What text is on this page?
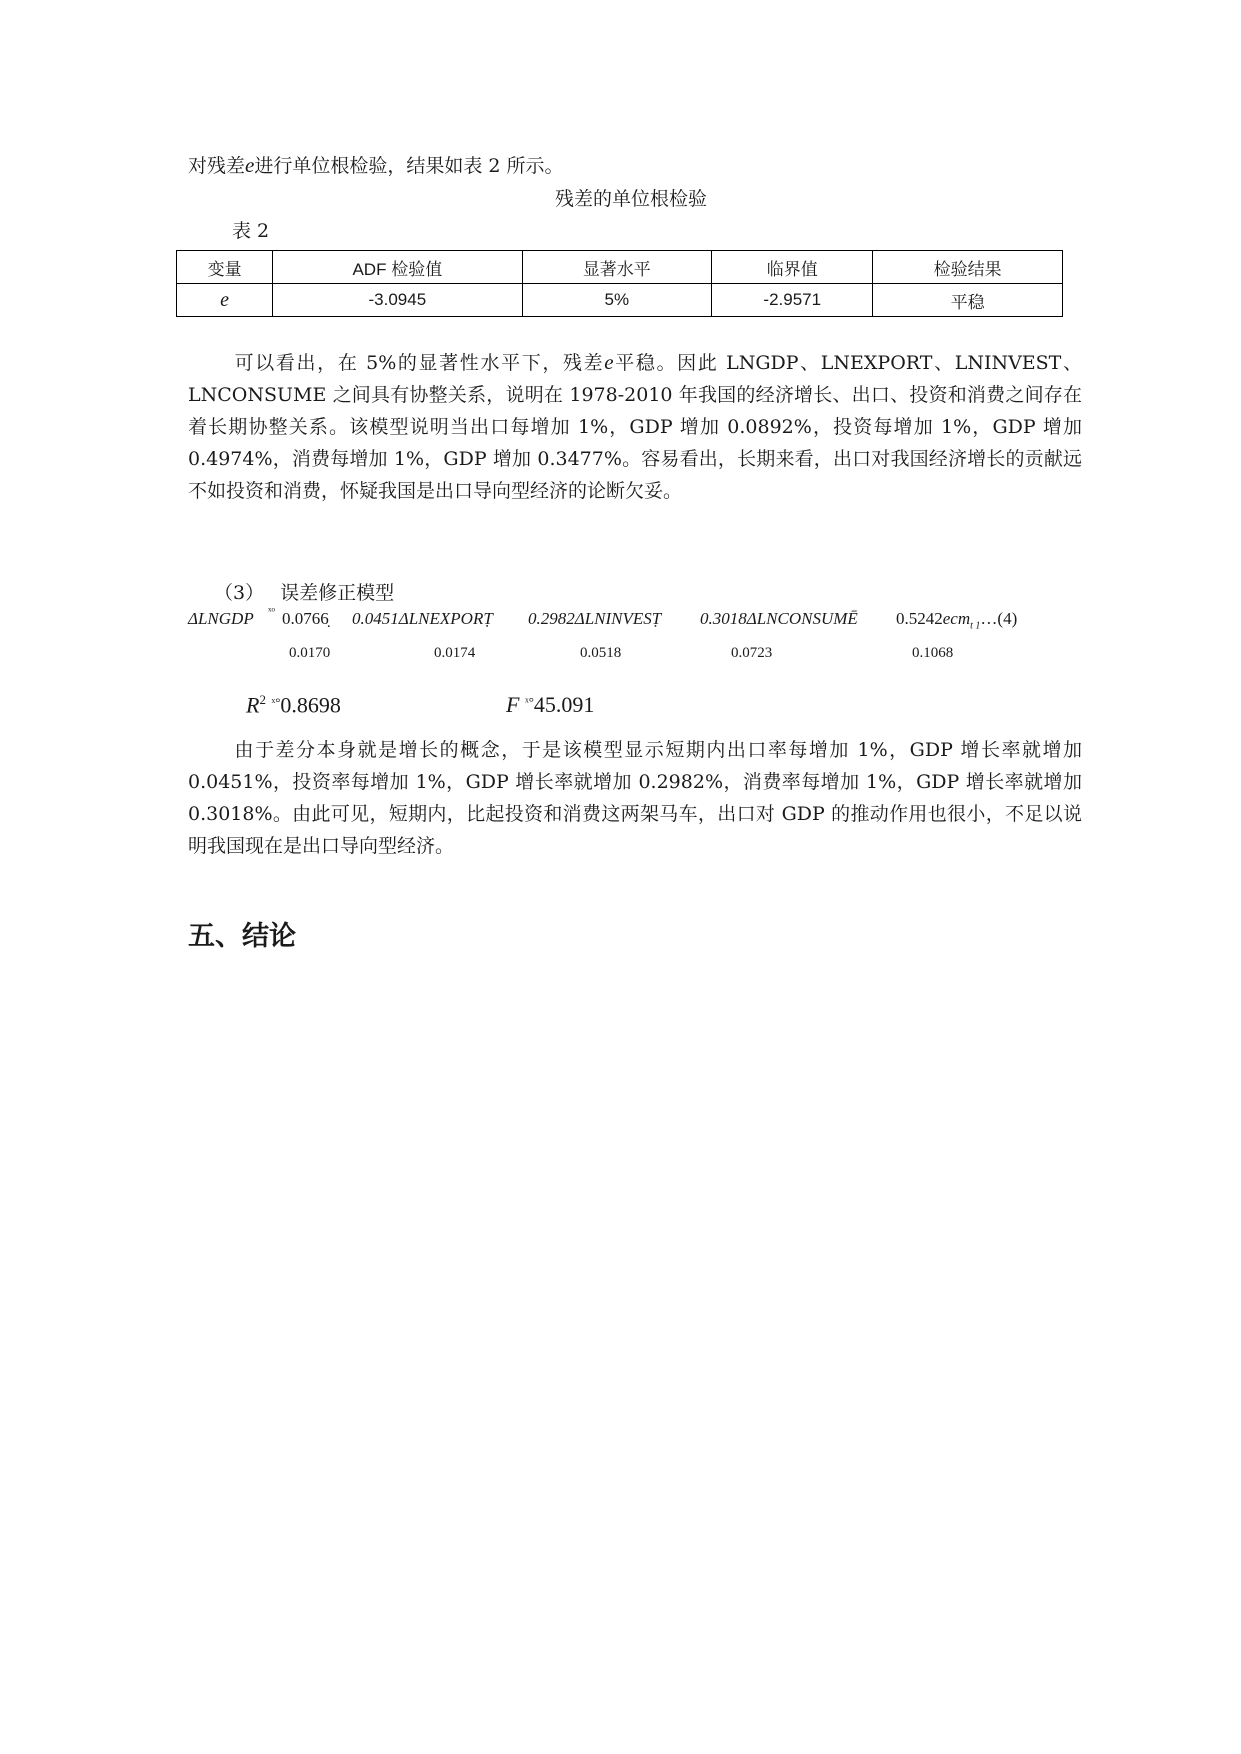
对残差e进行单位根检验，结果如表 2 所示。
残差的单位根检验
表 2
变量	ADF 检验值	显著水平	临界值	检验结果
e	-3.0945	5%	-2.9571	平稳
可以看出，在 5%的显著性水平下，残差e平稳。因此 LNGDP、LNEXPORT、LNINVEST、LNCONSUME 之间具有协整关系，说明在 1978-2010 年我国的经济增长、出口、投资和消费之间存在着长期协整关系。该模型说明当出口每增加 1%，GDP 增加 0.0892%，投资每增加 1%，GDP 增加 0.4974%，消费每增加 1%，GDP 增加 0.3477%。容易看出，长期来看，出口对我国经济增长的贡献远不如投资和消费，怀疑我国是出口导向型经济的论断欠妥。
（3） 误差修正模型
ΔLNGDP ˣᵒ 0.0766̣ 0.0451ΔLNEXPORṬ 0.2982ΔLNINVESṬ 0.3018ΔLNCONSUMĒ 0.5242ecm$_{t 1}$…(4)
0.0170	0.0174	0.0518	0.0723	0.1068
$R^2$ $^{ˣ^\circ}$0.8698	F $^{ˣ^\circ}$45.091
由于差分本身就是增长的概念，于是该模型显示短期内出口率每增加 1%，GDP 增长率就增加 0.0451%，投资率每增加 1%，GDP 增长率就增加 0.2982%，消费率每增加 1%，GDP 增长率就增加 0.3018%。由此可见，短期内，比起投资和消费这两架马车，出口对 GDP 的推动作用也很小，不足以说明我国现在是出口导向型经济。
五、结论
